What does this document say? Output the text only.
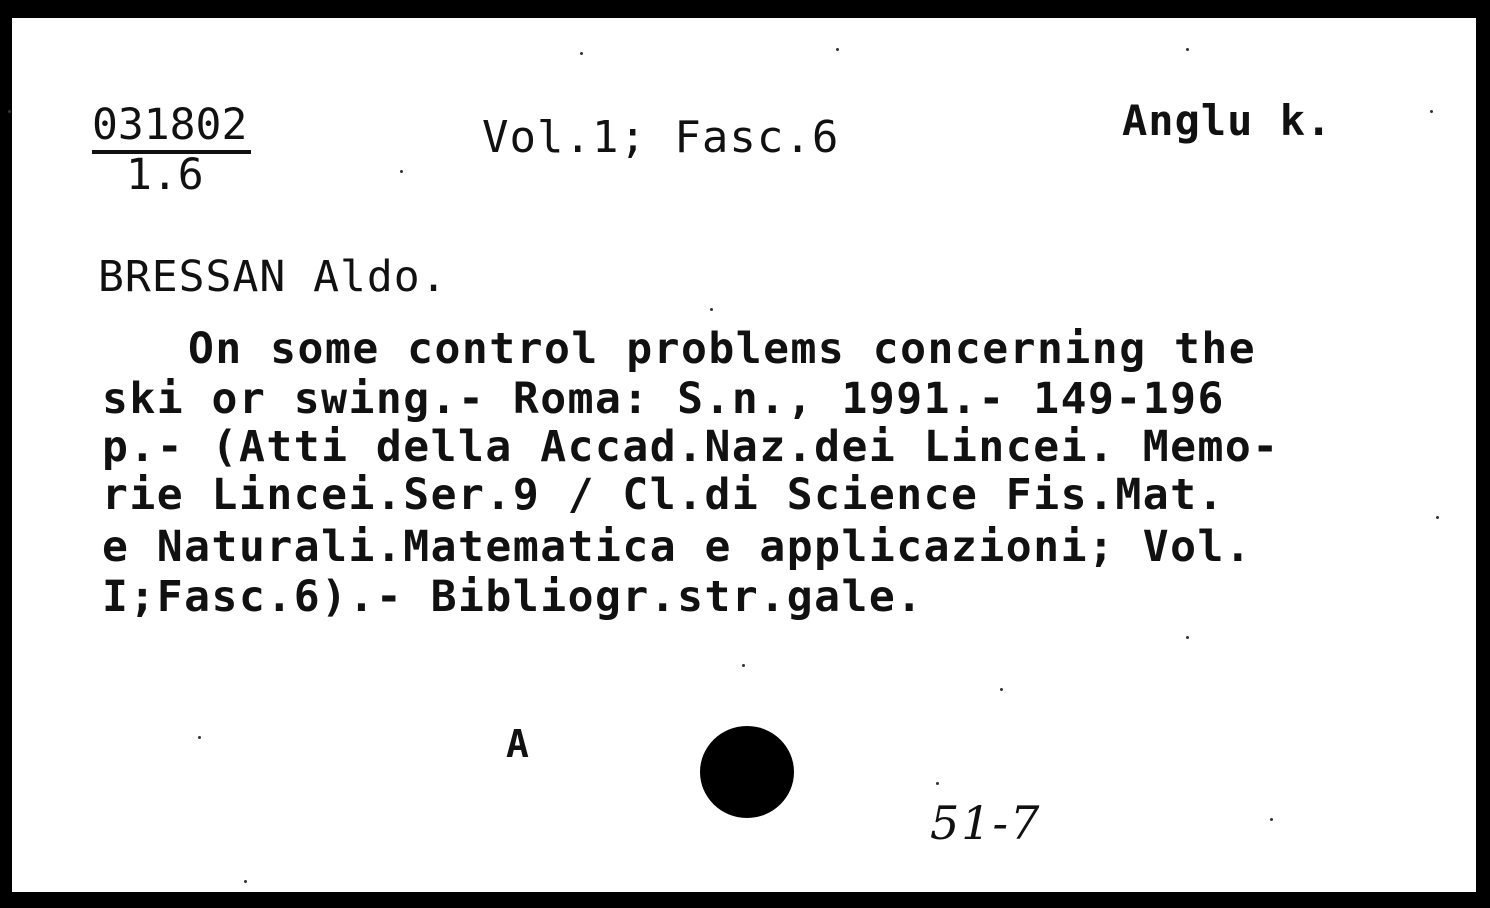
031802
1.6
Vol.1; Fasc.6	Anglu k.
BRESSAN Aldo.
On some control problems concerning the
ski or swing.- Roma: S.n., 1991.- 149-196
p.- (Atti della Accad.Naz.dei Lincei. Memo-
rie Lincei.Ser.9 / Cl.di Science Fis.Mat.
e Naturali.Matematica e applicazioni; Vol.
I;Fasc.6).- Bibliogr.str.gale.
A
51-7
